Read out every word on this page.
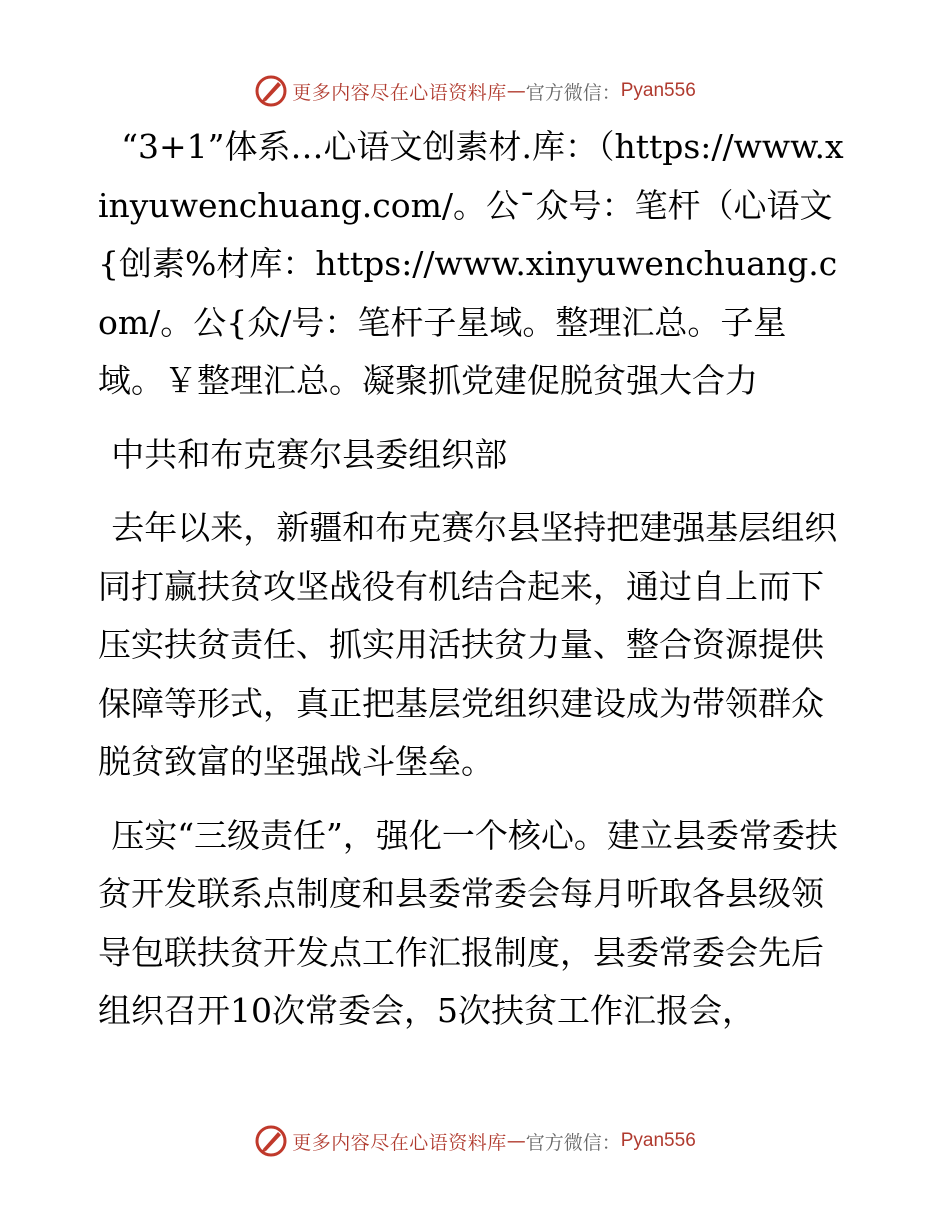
更多内容尽在心语资料库 — 官方微信： Pyan556

“3+1”体系…心语文创素材.库：（https://www.xinyuwenchuang.com/。公¯众号：笔杆（心语文{创素%材库：https://www.xinyuwenchuang.com/。公{众/号：笔杆子星域。整理汇总。子星域。￥整理汇总。凝聚抓党建促脱贫强大合力

中共和布克赛尔县委组织部

去年以来，新疆和布克赛尔县坚持把建强基层组织同打赢扶贫攻坚战役有机结合起来，通过自上而下压实扶贫责任、抓实用活扶贫力量、整合资源提供保障等形式，真正把基层党组织建设成为带领群众脱贫致富的坚强战斗堡垒。

压实“三级责任”，强化一个核心。建立县委常委扶贫开发联系点制度和县委常委会每月听取各县级领导包联扶贫开发点工作汇报制度，县委常委会先后组织召开10次常委会，5次扶贫工作汇报会，

更多内容尽在心语资料库 — 官方微信： Pyan556
